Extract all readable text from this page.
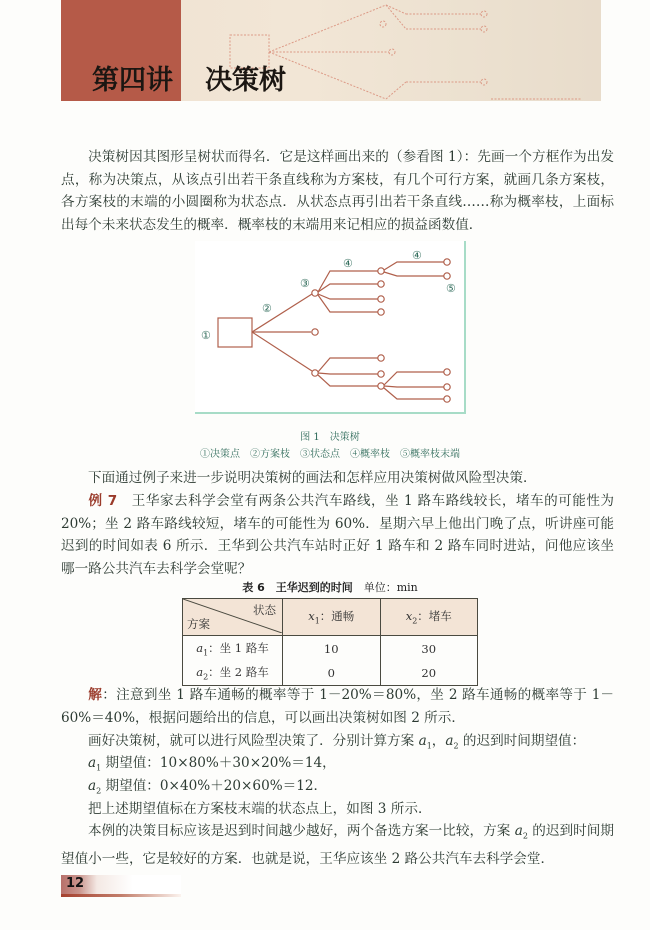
第四讲 决策树
决策树因其图形呈树状而得名．它是这样画出来的（参看图 1）：先画一个方框作为出发点，称为决策点，从该点引出若干条直线称为方案枝，有几个可行方案，就画几条方案枝，各方案枝的末端的小圆圈称为状态点．从状态点再引出若干条直线……称为概率枝，上面标出每个未来状态发生的概率．概率枝的末端用来记相应的损益函数值．
①
②
③
④
④
⑤
图 1　决策树
①决策点　②方案枝　③状态点　④概率枝　⑤概率枝末端
下面通过例子来进一步说明决策树的画法和怎样应用决策树做风险型决策．
例 7　 王华家去科学会堂有两条公共汽车路线，坐 1 路车路线较长，堵车的可能性为 20%；坐 2 路车路线较短，堵车的可能性为 60%．星期六早上他出门晚了点，听讲座可能迟到的时间如表 6 所示．王华到公共汽车站时正好 1 路车和 2 路车同时进站，问他应该坐哪一路公共汽车去科学会堂呢？
表 6　 王华迟到的时间　 单位：min
状态
方案	$x_1$：通畅	$x_2$：堵车
$a_1$：坐 1 路车	10	30
$a_2$：坐 2 路车	0	20
解：注意到坐 1 路车通畅的概率等于 1－20%＝80%，坐 2 路车通畅的概率等于 1－60%＝40%，根据问题给出的信息，可以画出决策树如图 2 所示．
画好决策树，就可以进行风险型决策了．分别计算方案 $a_1$，$a_2$ 的迟到时间期望值：
$a_1$ 期望值：10×80%＋30×20%＝14，
$a_2$ 期望值：0×40%＋20×60%＝12．
把上述期望值标在方案枝末端的状态点上，如图 3 所示．
本例的决策目标应该是迟到时间越少越好，两个备选方案一比较，方案 $a_2$ 的迟到时间期望值小一些，它是较好的方案．也就是说，王华应该坐 2 路公共汽车去科学会堂．
12
